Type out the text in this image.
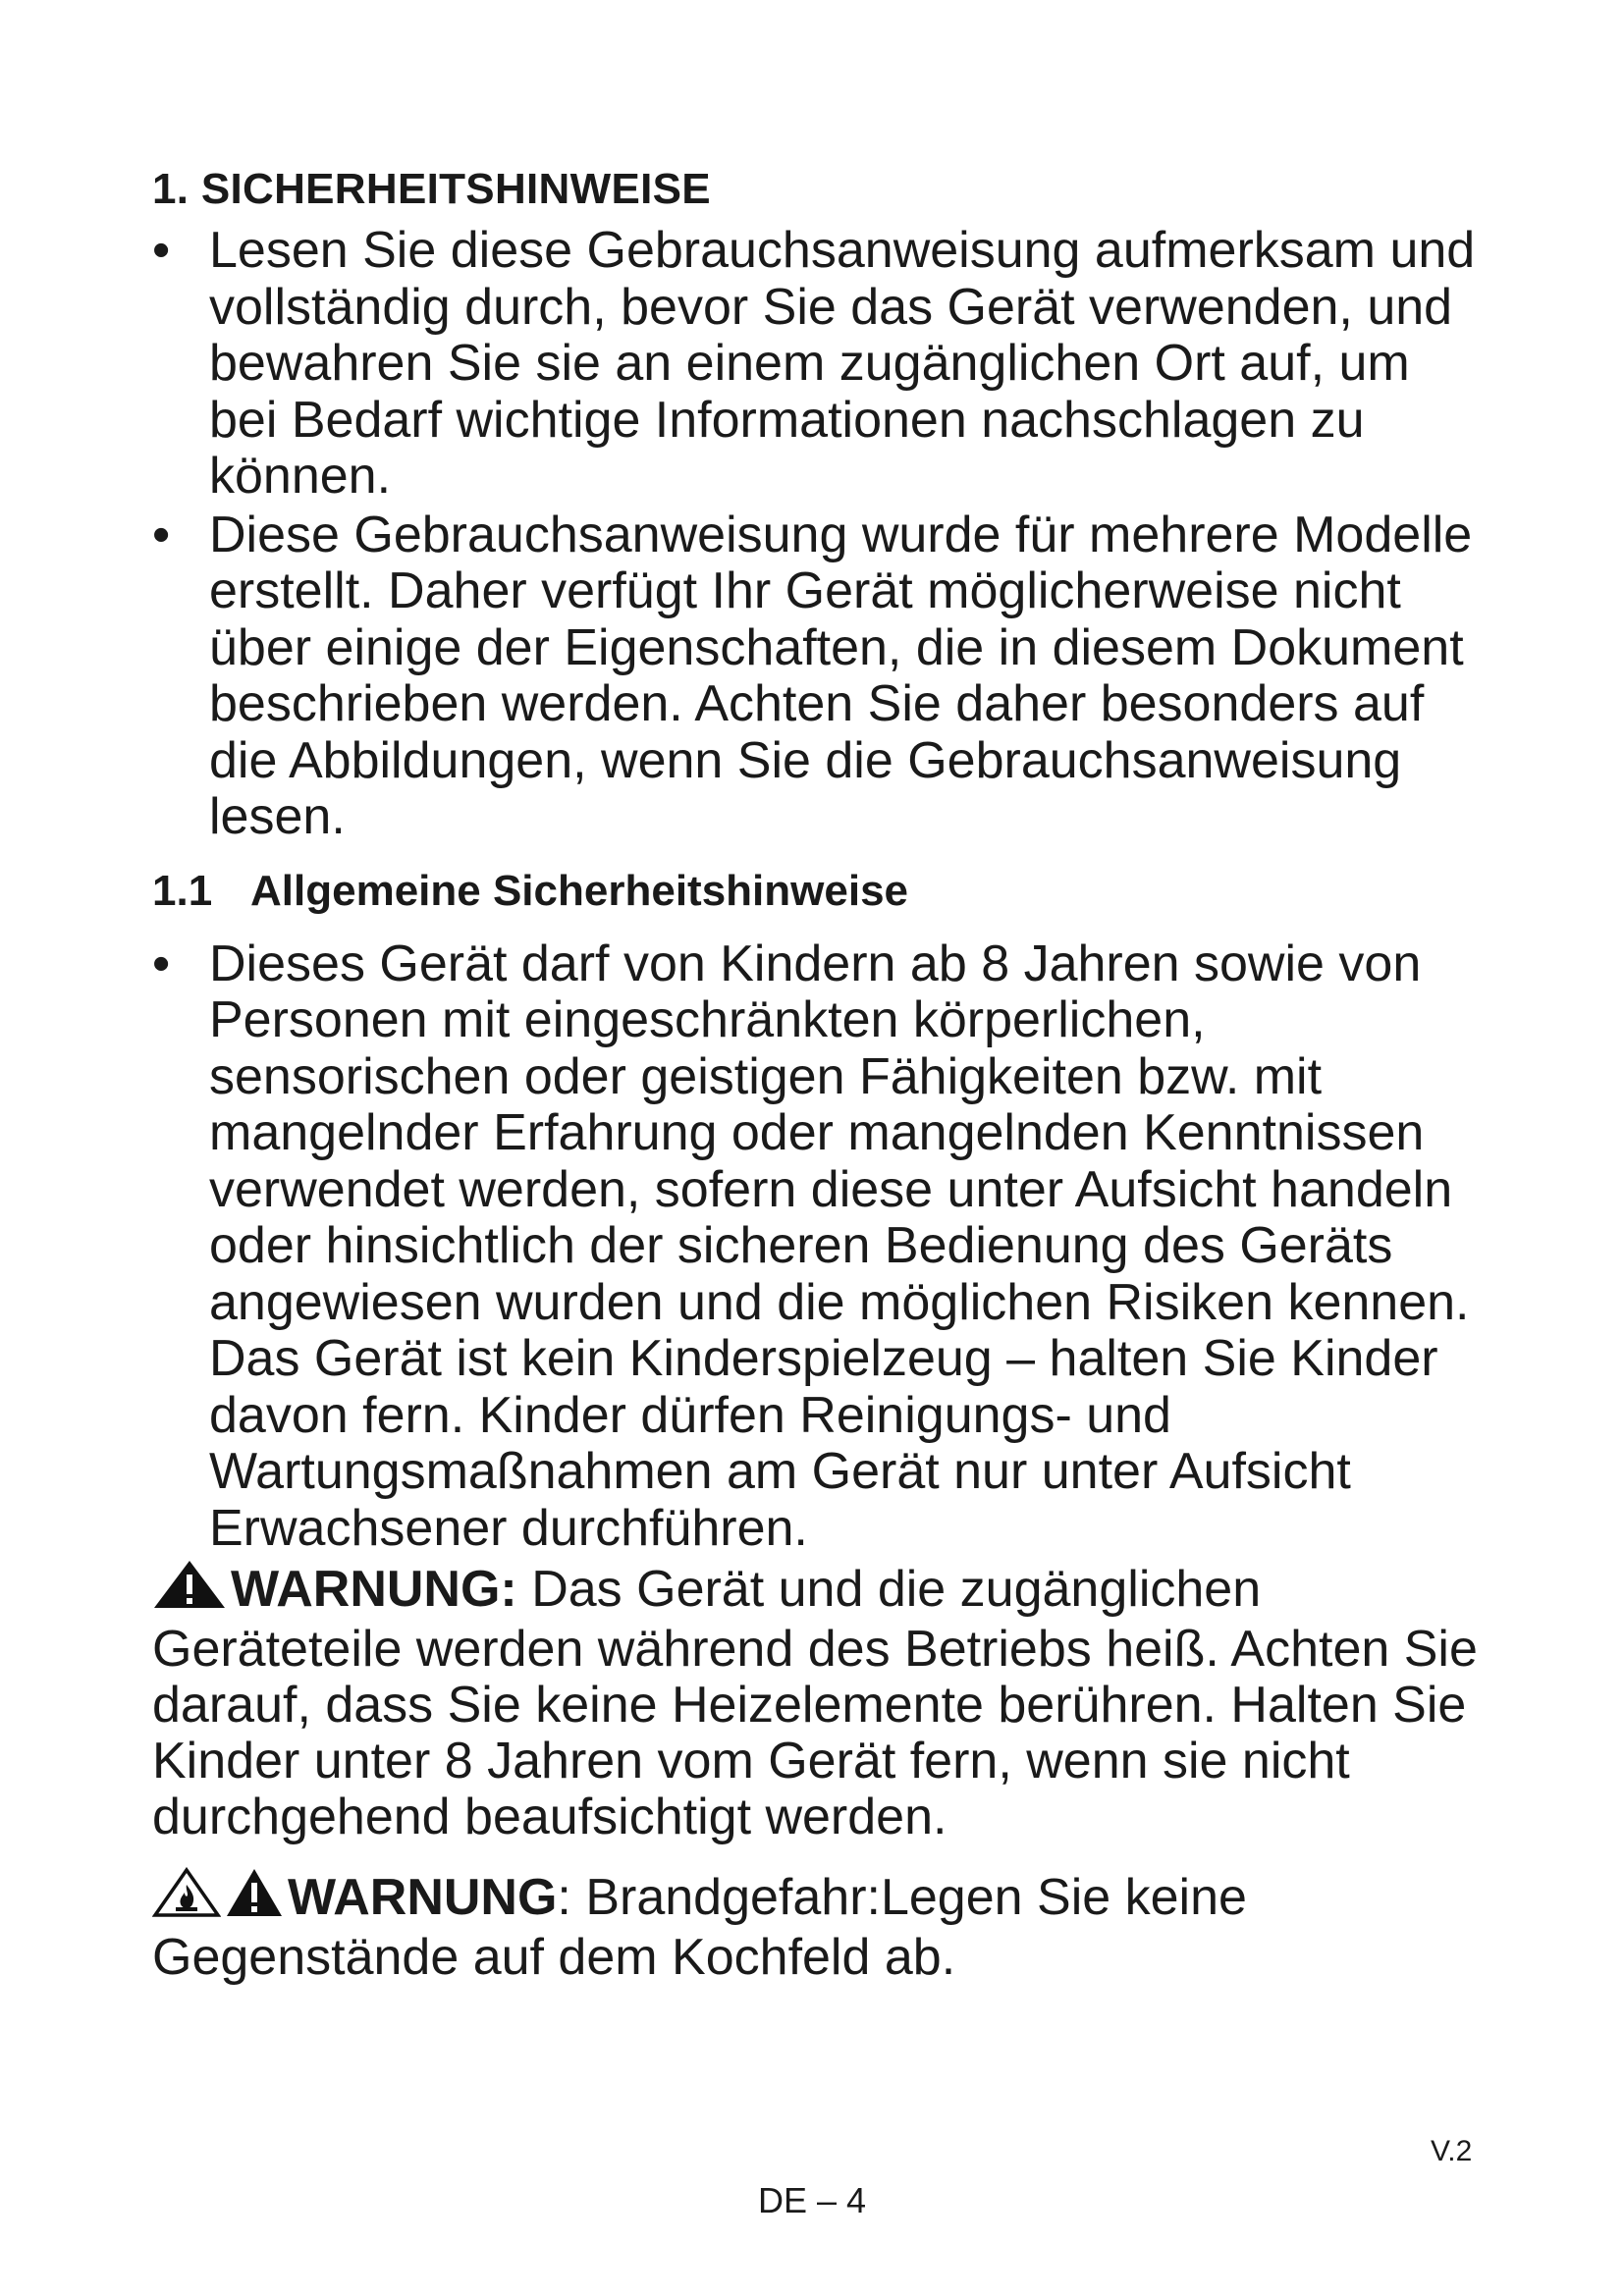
1. SICHERHEITSHINWEISE
• Lesen Sie diese Gebrauchsanweisung aufmerksam und vollständig durch, bevor Sie das Gerät verwenden, und bewahren Sie sie an einem zugänglichen Ort auf, um bei Bedarf wichtige Informationen nachschlagen zu können.
• Diese Gebrauchsanweisung wurde für mehrere Modelle erstellt. Daher verfügt Ihr Gerät möglicherweise nicht über einige der Eigenschaften, die in diesem Dokument beschrieben werden. Achten Sie daher besonders auf die Abbildungen, wenn Sie die Gebrauchsanweisung lesen.
1.1 Allgemeine Sicherheitshinweise
• Dieses Gerät darf von Kindern ab 8 Jahren sowie von Personen mit eingeschränkten körperlichen, sensorischen oder geistigen Fähigkeiten bzw. mit mangelnder Erfahrung oder mangelnden Kenntnissen verwendet werden, sofern diese unter Aufsicht handeln oder hinsichtlich der sicheren Bedienung des Geräts angewiesen wurden und die möglichen Risiken kennen. Das Gerät ist kein Kinderspielzeug – halten Sie Kinder davon fern. Kinder dürfen Reinigungs- und Wartungsmaßnahmen am Gerät nur unter Aufsicht Erwachsener durchführen.
WARNUNG: Das Gerät und die zugänglichen Geräteteile werden während des Betriebs heiß. Achten Sie darauf, dass Sie keine Heizelemente berühren. Halten Sie Kinder unter 8 Jahren vom Gerät fern, wenn sie nicht durchgehend beaufsichtigt werden.
WARNUNG: Brandgefahr:Legen Sie keine Gegenstände auf dem Kochfeld ab.
V.2
DE – 4
